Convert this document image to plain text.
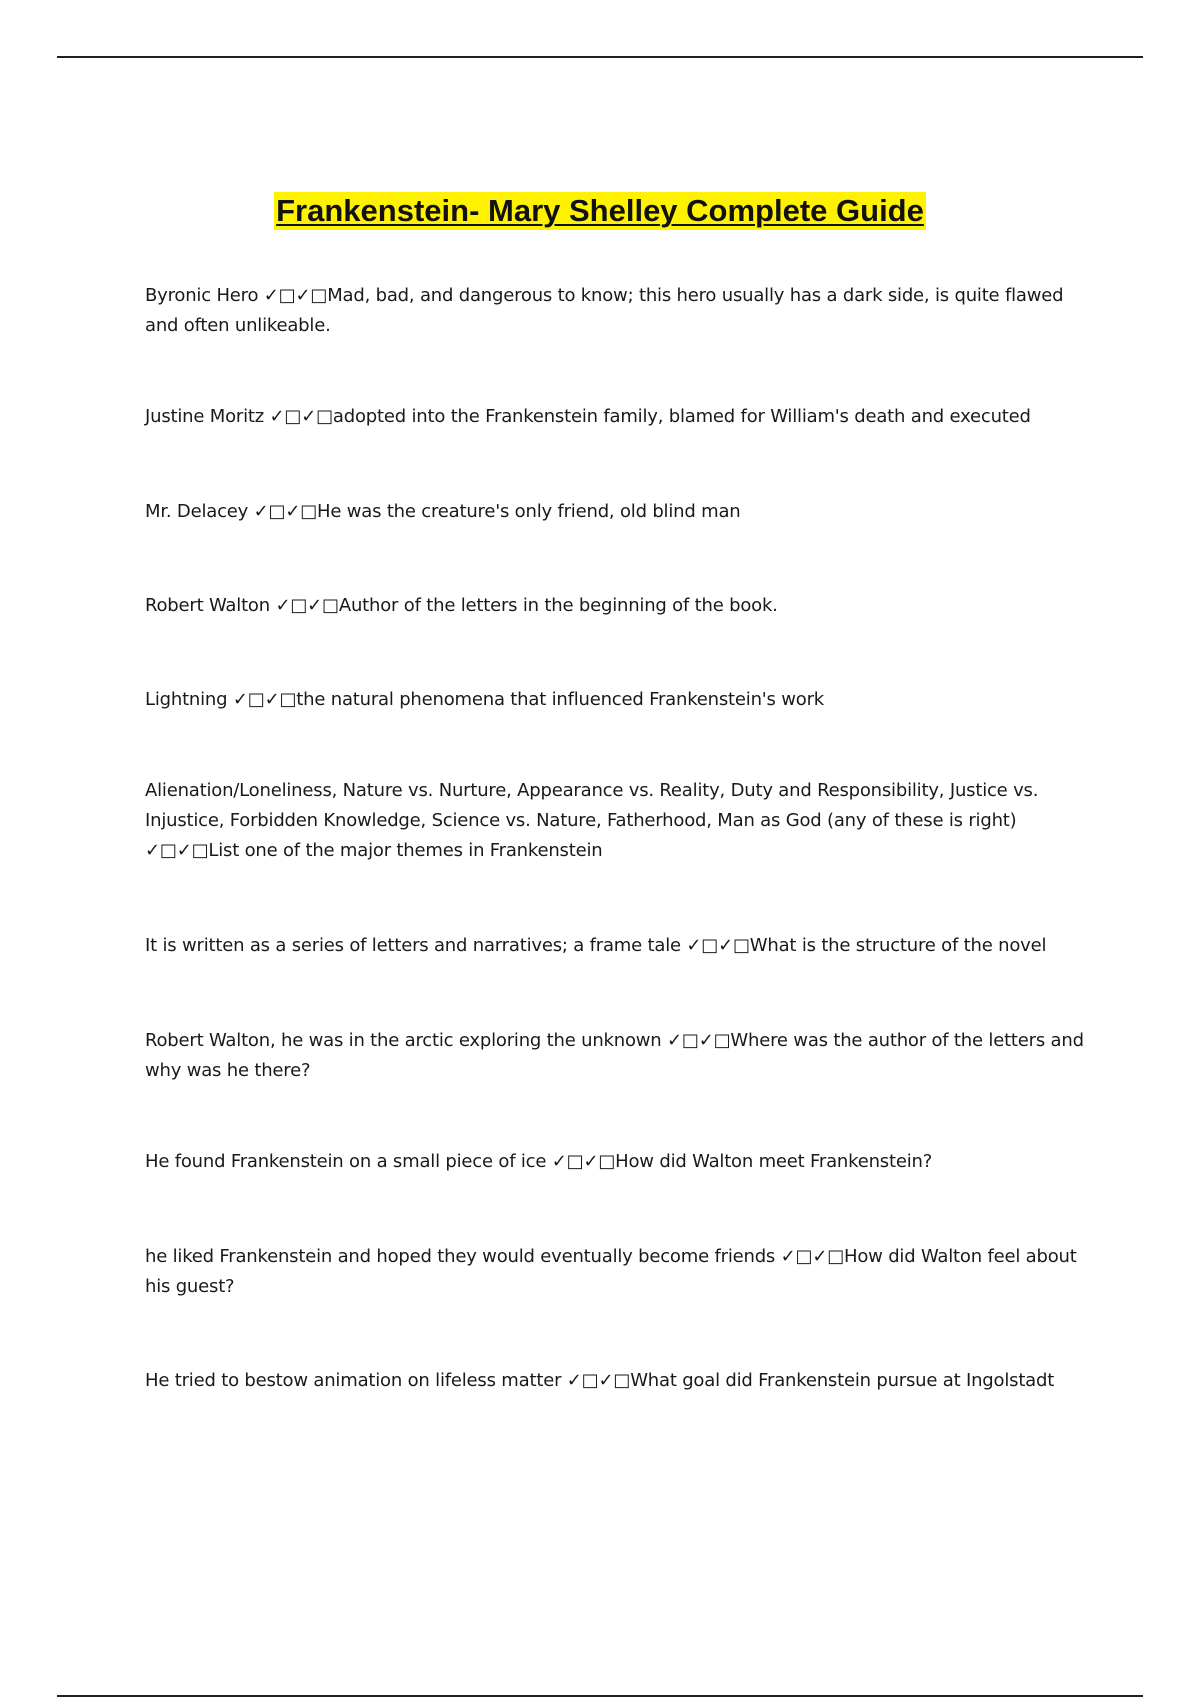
Frankenstein- Mary Shelley Complete Guide
Byronic Hero ✓□✓□Mad, bad, and dangerous to know; this hero usually has a dark side, is quite flawed and often unlikeable.
Justine Moritz ✓□✓□adopted into the Frankenstein family, blamed for William's death and executed
Mr. Delacey ✓□✓□He was the creature's only friend, old blind man
Robert Walton ✓□✓□Author of the letters in the beginning of the book.
Lightning ✓□✓□the natural phenomena that influenced Frankenstein's work
Alienation/Loneliness, Nature vs. Nurture, Appearance vs. Reality, Duty and Responsibility, Justice vs. Injustice, Forbidden Knowledge, Science vs. Nature, Fatherhood, Man as God (any of these is right) ✓□✓□List one of the major themes in Frankenstein
It is written as a series of letters and narratives; a frame tale ✓□✓□What is the structure of the novel
Robert Walton, he was in the arctic exploring the unknown ✓□✓□Where was the author of the letters and why was he there?
He found Frankenstein on a small piece of ice ✓□✓□How did Walton meet Frankenstein?
he liked Frankenstein and hoped they would eventually become friends ✓□✓□How did Walton feel about his guest?
He tried to bestow animation on lifeless matter ✓□✓□What goal did Frankenstein pursue at Ingolstadt
